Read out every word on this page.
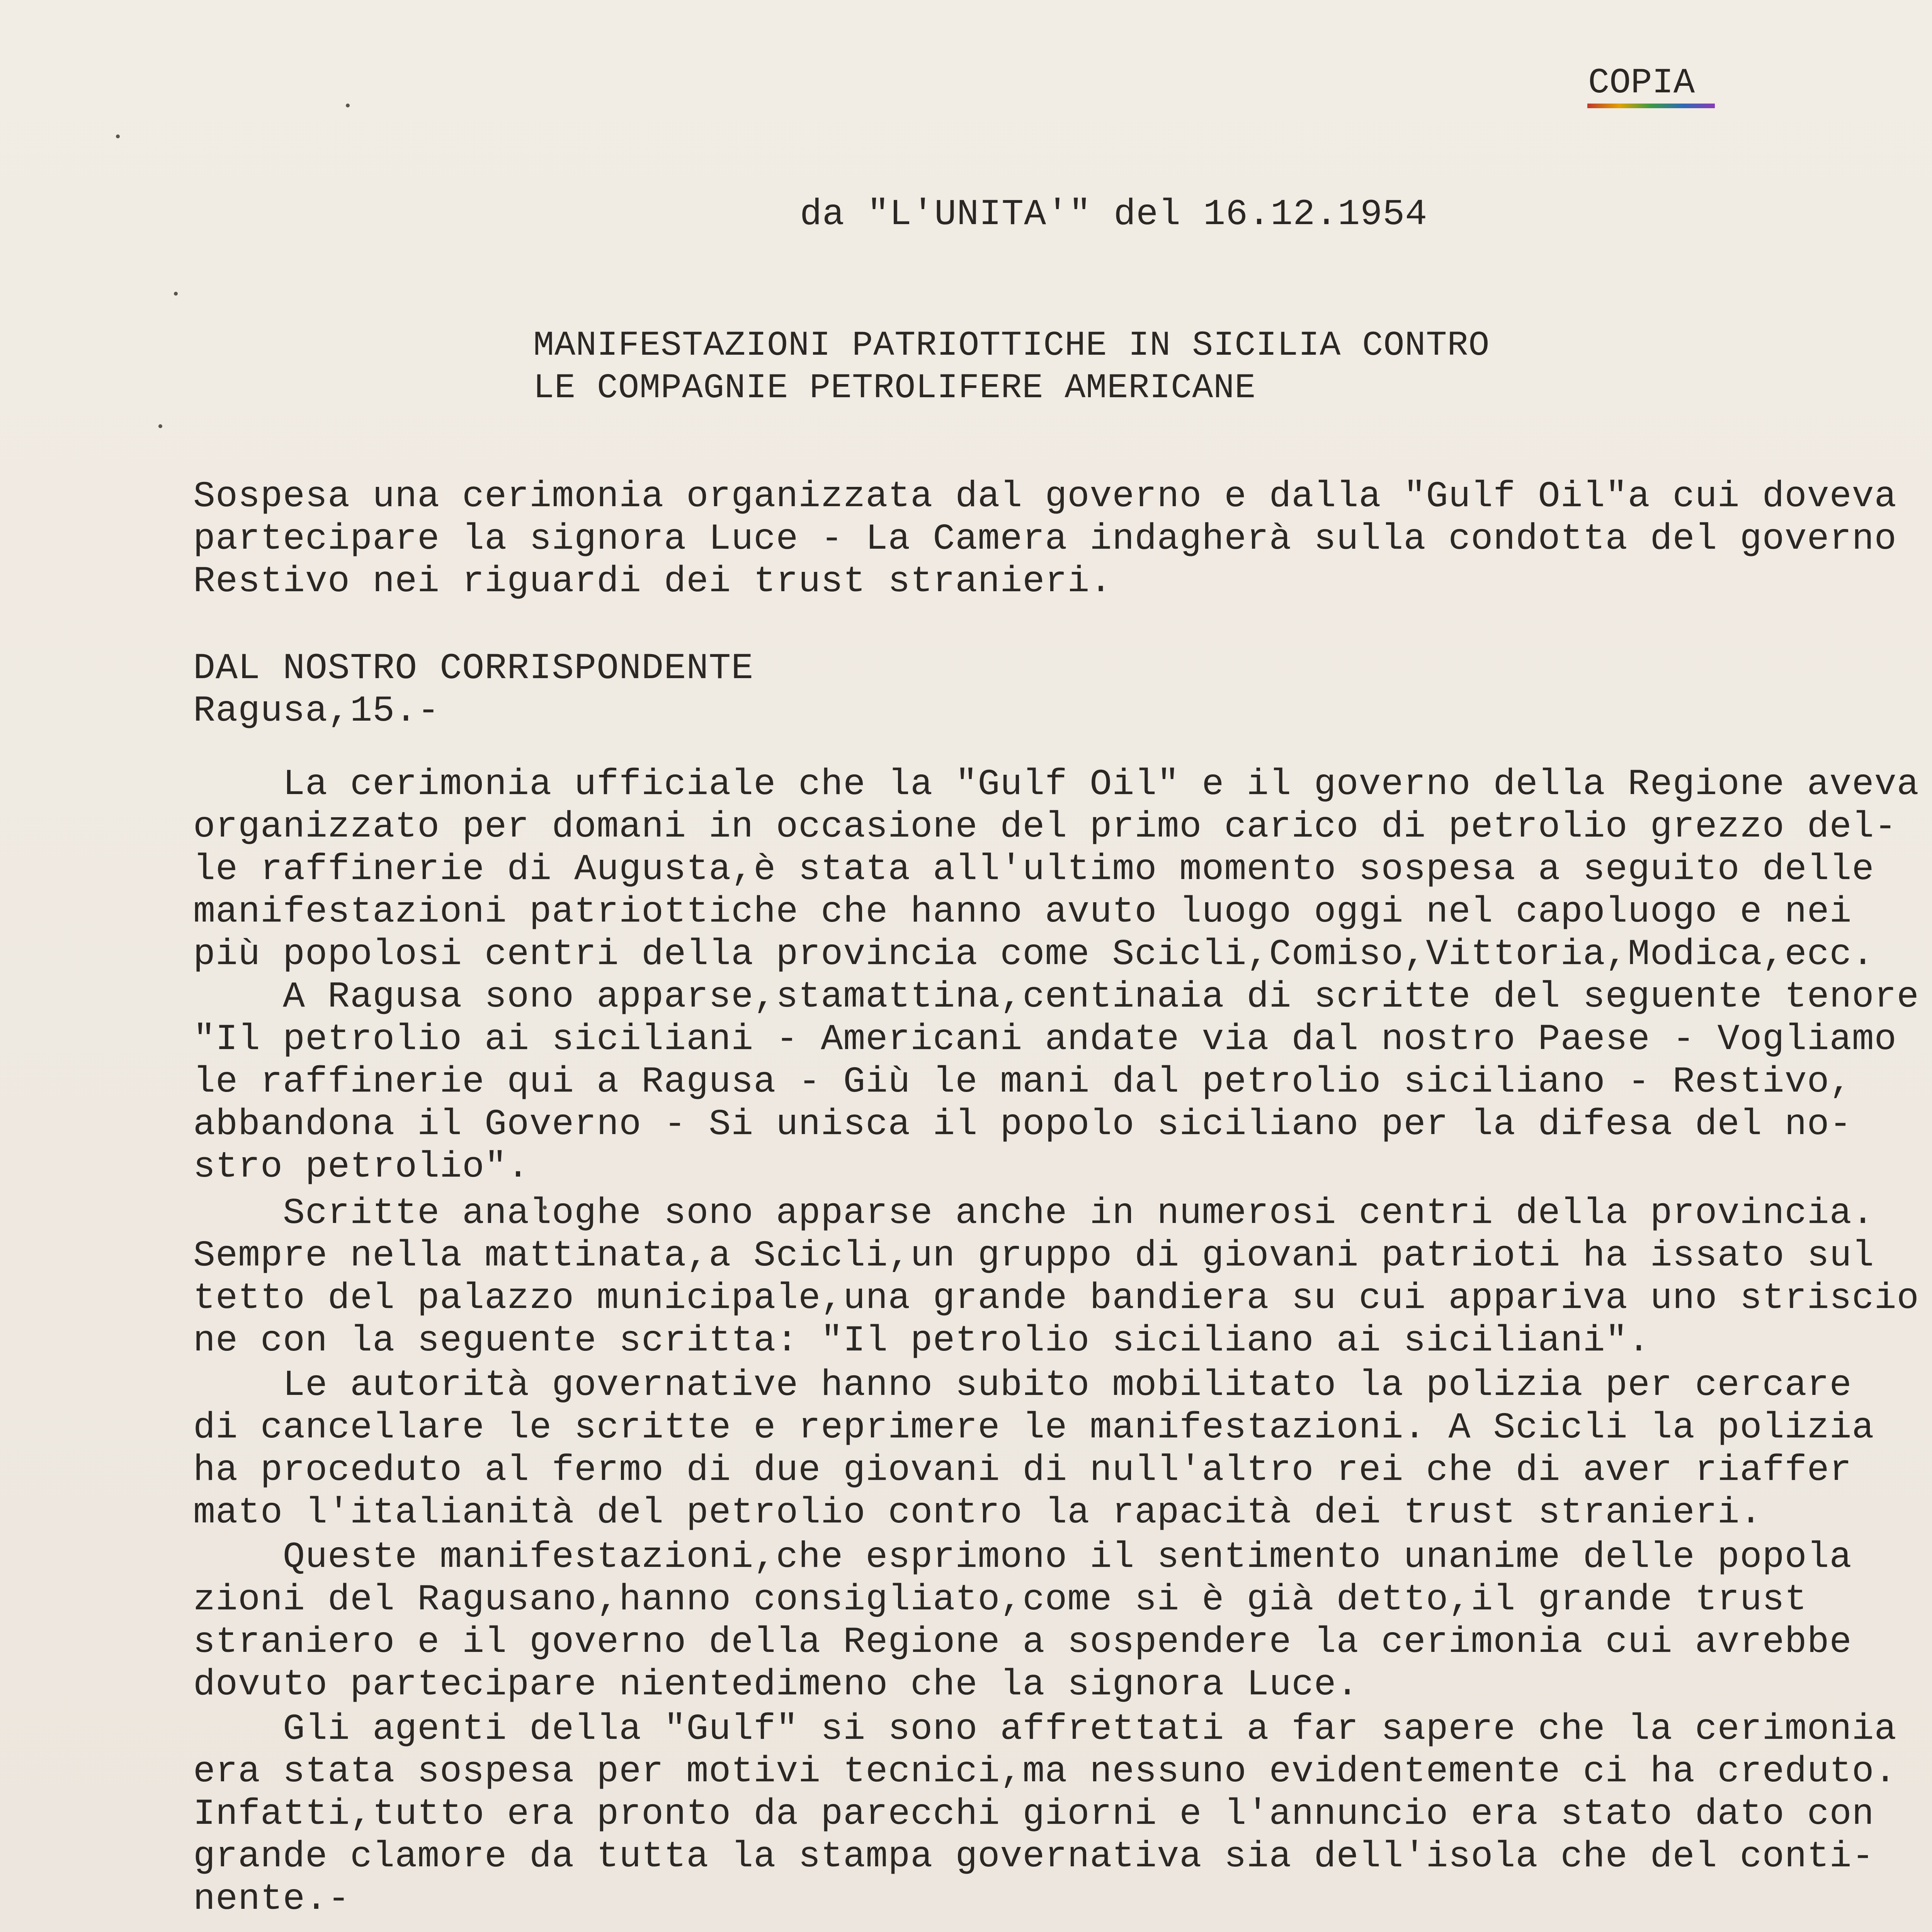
COPIA
da "L'UNITA'" del 16.12.1954
MANIFESTAZIONI PATRIOTTICHE IN SICILIA CONTRO
LE COMPAGNIE PETROLIFERE AMERICANE
Sospesa una cerimonia organizzata dal governo e dalla "Gulf Oil"a cui doveva
partecipare la signora Luce - La Camera indagherà sulla condotta del governo
Restivo nei riguardi dei trust stranieri.
DAL NOSTRO CORRISPONDENTE
Ragusa,15.-
La cerimonia ufficiale che la "Gulf Oil" e il governo della Regione aveva
organizzato per domani in occasione del primo carico di petrolio grezzo del-
le raffinerie di Augusta,è stata all'ultimo momento sospesa a seguito delle
manifestazioni patriottiche che hanno avuto luogo oggi nel capoluogo e nei
più popolosi centri della provincia come Scicli,Comiso,Vittoria,Modica,ecc.
A Ragusa sono apparse,stamattina,centinaia di scritte del seguente tenore
"Il petrolio ai siciliani - Americani andate via dal nostro Paese - Vogliamo
le raffinerie qui a Ragusa - Giù le mani dal petrolio siciliano - Restivo,
abbandona il Governo - Si unisca il popolo siciliano per la difesa del no-
stro petrolio".
Scritte analoghe sono apparse anche in numerosi centri della provincia.
Sempre nella mattinata,a Scicli,un gruppo di giovani patrioti ha issato sul
tetto del palazzo municipale,una grande bandiera su cui appariva uno striscio
ne con la seguente scritta: "Il petrolio siciliano ai siciliani".
Le autorità governative hanno subito mobilitato la polizia per cercare
di cancellare le scritte e reprimere le manifestazioni. A Scicli la polizia
ha proceduto al fermo di due giovani di null'altro rei che di aver riaffer
mato l'italianità del petrolio contro la rapacità dei trust stranieri.
Queste manifestazioni,che esprimono il sentimento unanime delle popola
zioni del Ragusano,hanno consigliato,come si è già detto,il grande trust
straniero e il governo della Regione a sospendere la cerimonia cui avrebbe
dovuto partecipare nientedimeno che la signora Luce.
Gli agenti della "Gulf" si sono affrettati a far sapere che la cerimonia
era stata sospesa per motivi tecnici,ma nessuno evidentemente ci ha creduto.
Infatti,tutto era pronto da parecchi giorni e l'annuncio era stato dato con
grande clamore da tutta la stampa governativa sia dell'isola che del conti-
nente.-
